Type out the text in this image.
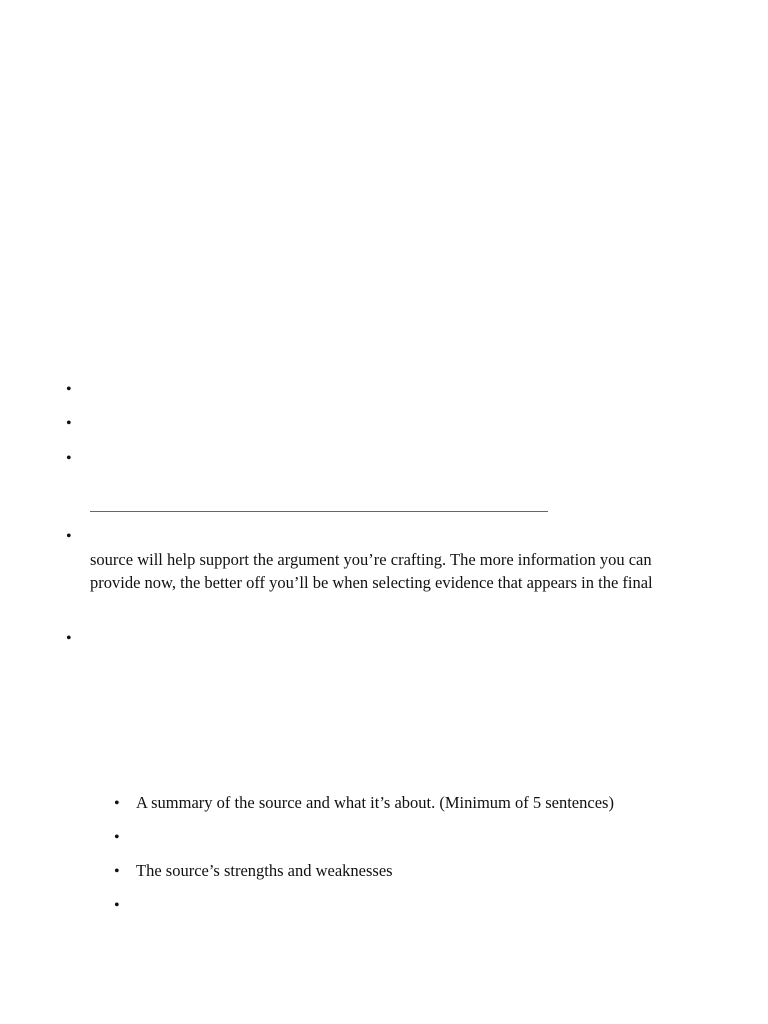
•
•
•
•
source will help support the argument you’re crafting. The more information you can
provide now, the better off you’ll be when selecting evidence that appears in the final
•
• A summary of the source and what it’s about. (Minimum of 5 sentences)
•
• The source’s strengths and weaknesses
•
